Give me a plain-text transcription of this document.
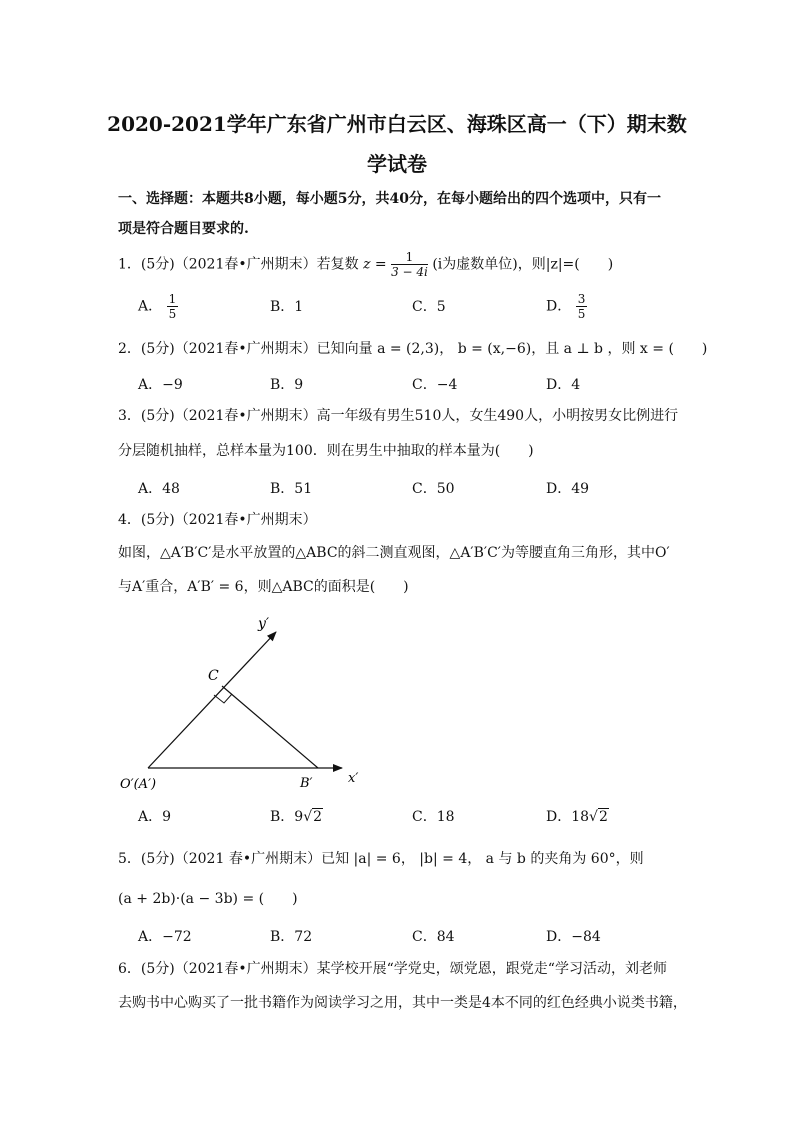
2020-2021学年广东省广州市白云区、海珠区高一（下）期末数
学试卷
一、选择题：本题共8小题，每小题5分，共40分，在每小题给出的四个选项中，只有一
项是符合题目要求的.
1．(5分)（2021春•广州期末）若复数 $z = \frac{1}{3 - 4i} (i$为虚数单位)，则|z|=(　　)
A． $\frac{1}{5}$	B．1	C．5	D． $\frac{3}{5}$
2．(5分)（2021春•广州期末）已知向量 a = (2,3)， b = (x,−6)，且 a ⊥ b ，则 x = (　　)
A．−9	B．9	C．−4	D．4
3．(5分)（2021春•广州期末）高一年级有男生510人，女生490人，小明按男女比例进行
分层随机抽样，总样本量为100．则在男生中抽取的样本量为(　　)
A．48	B．51	C．50	D．49
4．(5分)（2021春•广州期末）
如图，△A′B′C′是水平放置的△ABC的斜二测直观图，△A′B′C′为等腰直角三角形，其中O′
与A′重合，A′B′ = 6，则△ABC的面积是(　　)
y′
C
O′(A′)	B′	x′
A．9	B．9√2	C．18	D．18√2
5．(5分)（2021 春•广州期末）已知 |a| = 6， |b| = 4， a 与 b 的夹角为 60°，则
(a + 2b)·(a − 3b) = (　　)
A．−72	B．72	C．84	D．−84
6．(5分)（2021春•广州期末）某学校开展“学党史，颂党恩，跟党走“学习活动，刘老师
去购书中心购买了一批书籍作为阅读学习之用，其中一类是4本不同的红色经典小说类书籍，
